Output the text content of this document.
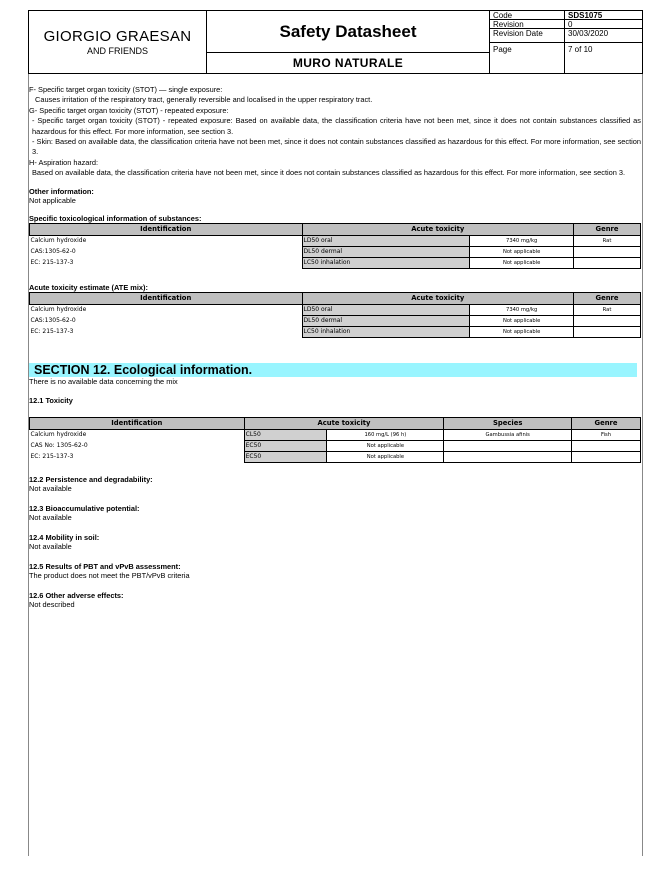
GIORGIO GRAESAN
AND FRIENDS
Safety Datasheet
MURO NATURALE
Code	SDS1075
Revision	0
Revision Date	30/03/2020
Page	7 of 10
F- Specific target organ toxicity (STOT) — single exposure:
Causes irritation of the respiratory tract, generally reversible and localised in the upper respiratory tract.
G- Specific target organ toxicity (STOT) - repeated exposure:
- Specific target organ toxicity (STOT) - repeated exposure: Based on available data, the classification criteria have not been met, since it does not contain substances classified as hazardous for this effect. For more information, see section 3.
- Skin: Based on available data, the classification criteria have not been met, since it does not contain substances classified as hazardous for this effect. For more information, see section 3.
H- Aspiration hazard:
Based on available data, the classification criteria have not been met, since it does not contain substances classified as hazardous for this effect. For more information, see section 3.
Other information:
Not applicable
Specific toxicological information of substances:
Identification	Acute toxicity		Genre
Calcium hydroxide	LD50 oral	7340 mg/kg	Rat
CAS:1305-62-0	DL50 dermal	Not applicable	
EC: 215-137-3	LC50 inhalation	Not applicable	
Acute toxicity estimate (ATE mix):
Identification	Acute toxicity		Genre
Calcium hydroxide	LD50 oral	7340 mg/kg	Rat
CAS:1305-62-0	DL50 dermal	Not applicable	
EC: 215-137-3	LC50 inhalation	Not applicable	
SECTION 12. Ecological information.
There is no available data concerning the mix
12.1 Toxicity
Identification	Acute toxicity		Species	Genre
Calcium hydroxide	CL50	160 mg/L (96 h)	Gambussia afinis	Fish
CAS No: 1305-62-0	EC50	Not applicable		
EC: 215-137-3	EC50	Not applicable		
12.2 Persistence and degradability:
Not available
12.3 Bioaccumulative potential:
Not available
12.4 Mobility in soil:
Not available
12.5 Results of PBT and vPvB assessment:
The product does not meet the PBT/vPvB criteria
12.6 Other adverse effects:
Not described
